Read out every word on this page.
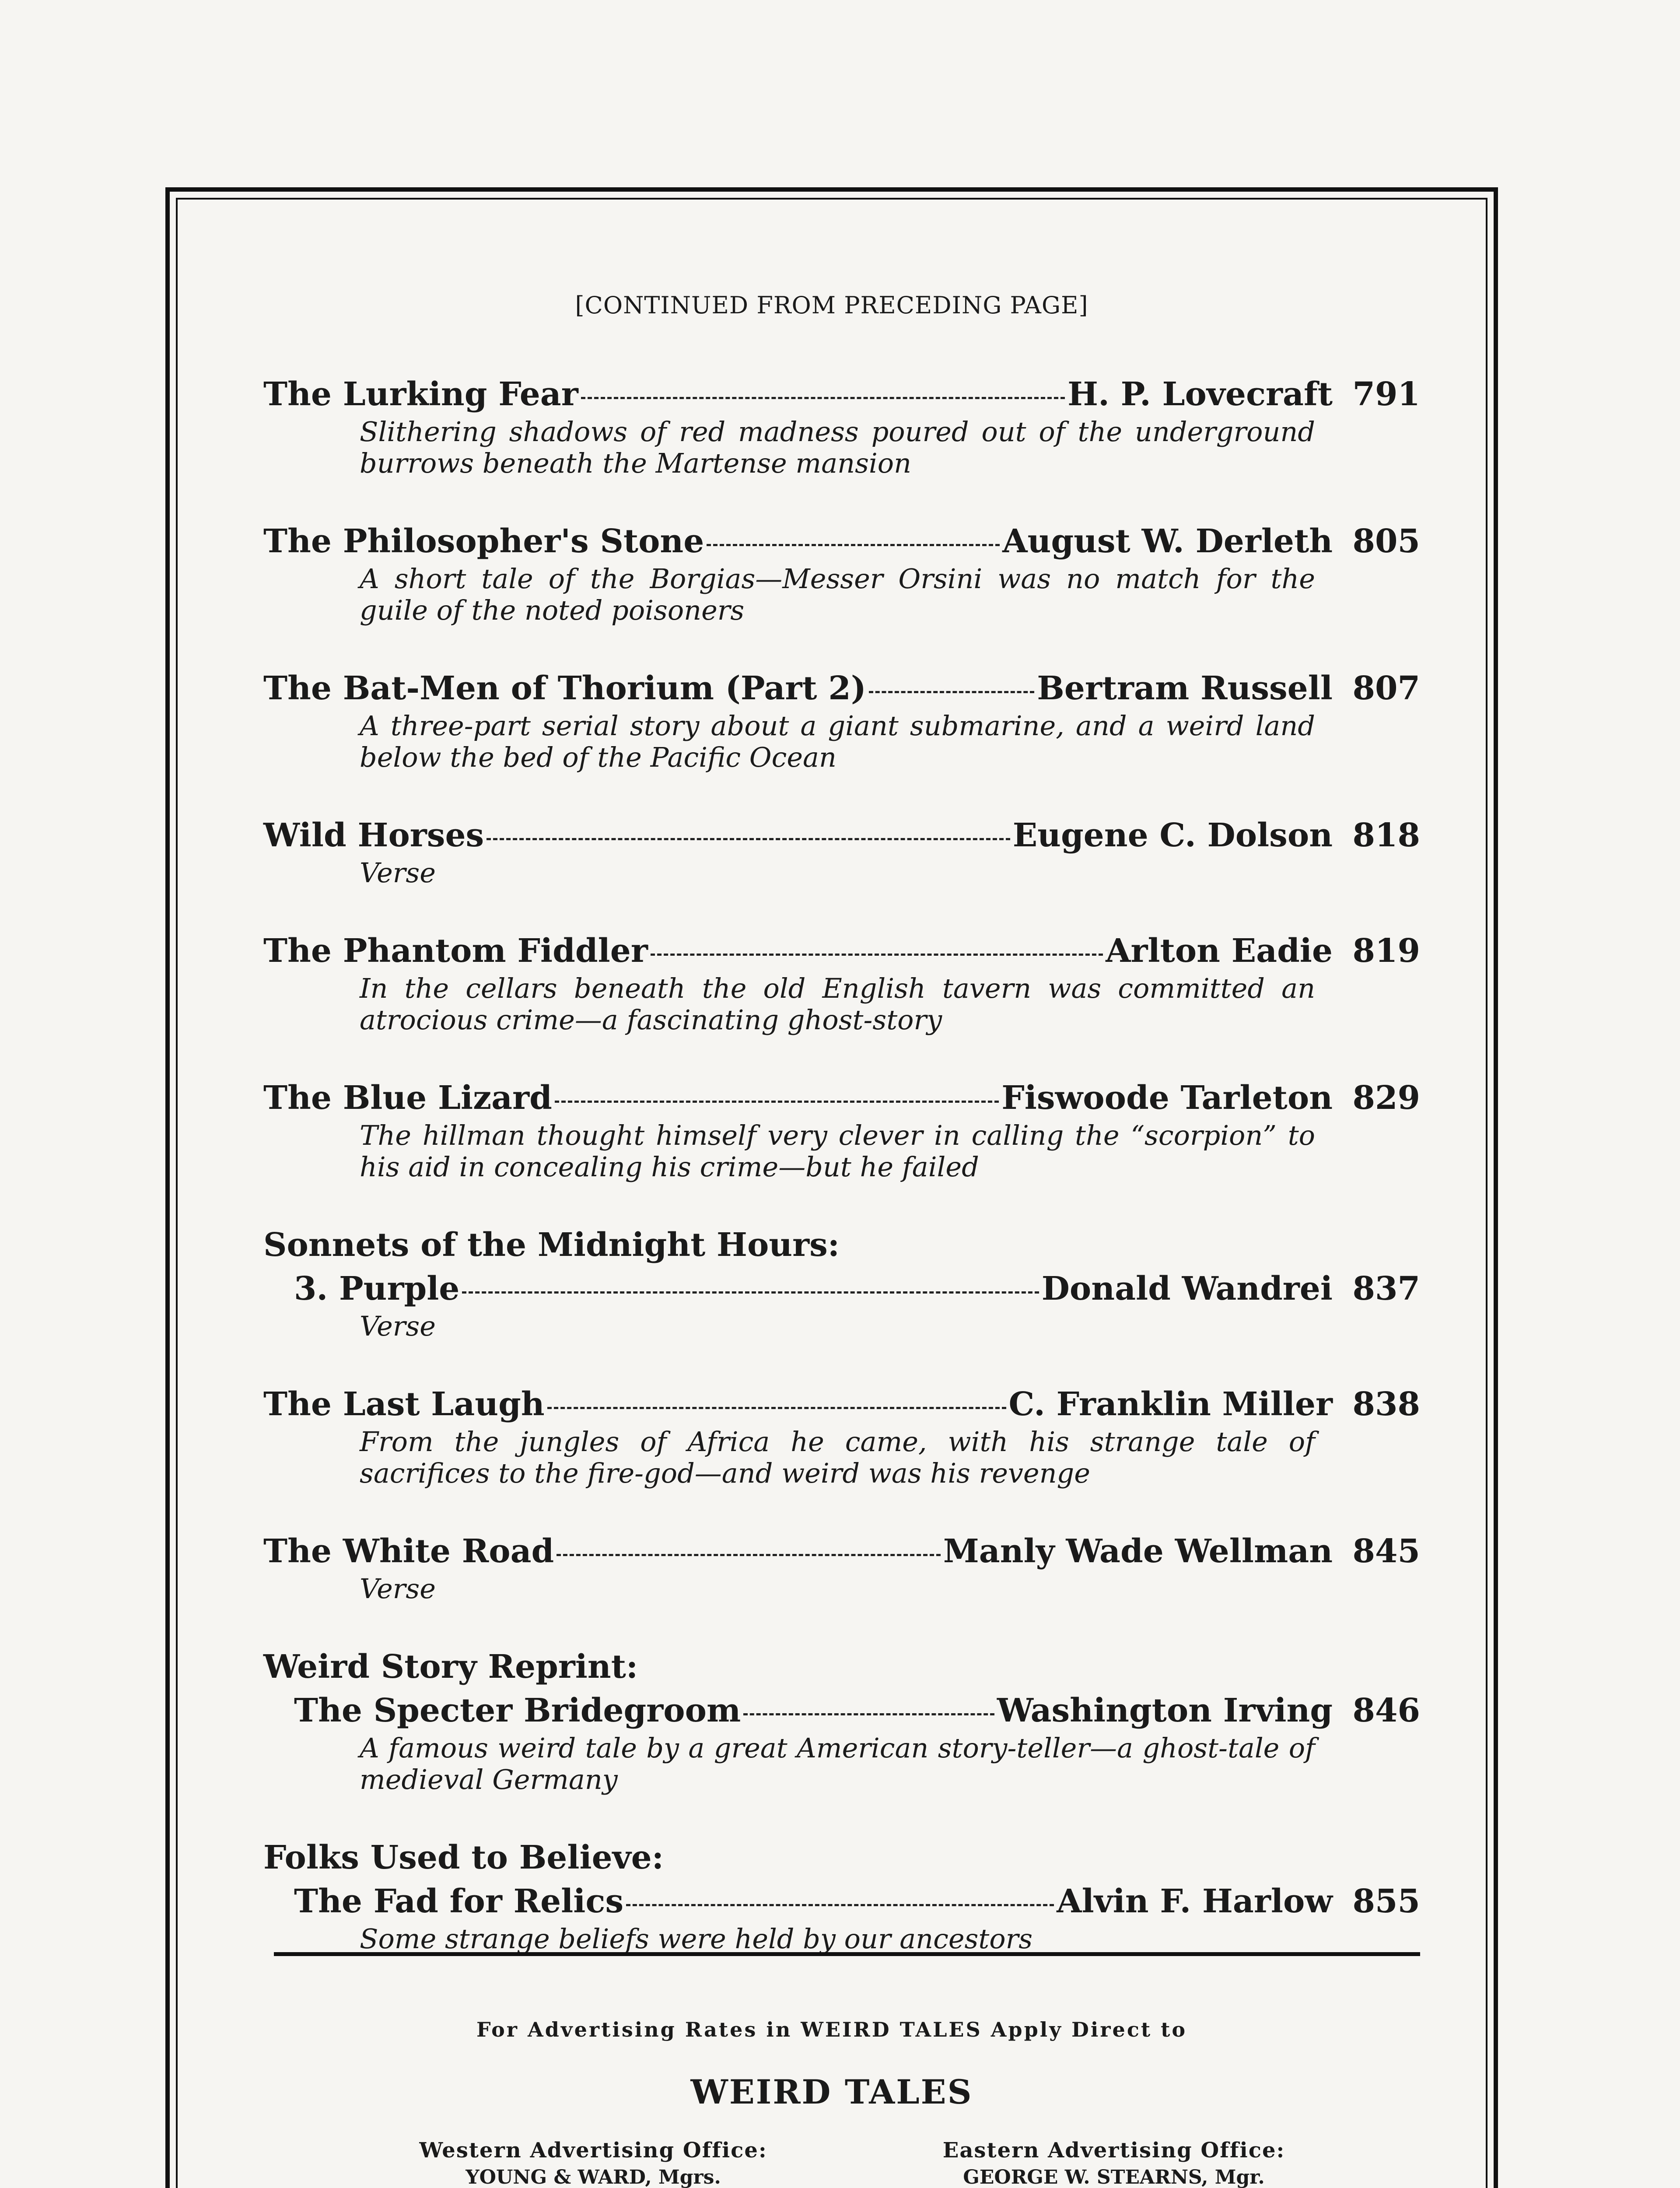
[CONTINUED FROM PRECEDING PAGE]
The Lurking Fear	H. P. Lovecraft 791
Slithering shadows of red madness poured out of the underground burrows beneath the Martense mansion
The Philosopher's Stone	August W. Derleth 805
A short tale of the Borgias—Messer Orsini was no match for the guile of the noted poisoners
The Bat-Men of Thorium (Part 2)	Bertram Russell 807
A three-part serial story about a giant submarine, and a weird land below the bed of the Pacific Ocean
Wild Horses	Eugene C. Dolson 818
Verse
The Phantom Fiddler	Arlton Eadie 819
In the cellars beneath the old English tavern was committed an atrocious crime—a fascinating ghost-story
The Blue Lizard	Fiswoode Tarleton 829
The hillman thought himself very clever in calling the “scorpion” to his aid in concealing his crime—but he failed
Sonnets of the Midnight Hours:
3. Purple	Donald Wandrei 837
Verse
The Last Laugh	C. Franklin Miller 838
From the jungles of Africa he came, with his strange tale of sacrifices to the fire-god—and weird was his revenge
The White Road	Manly Wade Wellman 845
Verse
Weird Story Reprint:
The Specter Bridegroom	Washington Irving 846
A famous weird tale by a great American story-teller—a ghost-tale of medieval Germany
Folks Used to Believe:
The Fad for Relics	Alvin F. Harlow 855
Some strange beliefs were held by our ancestors
For Advertising Rates in WEIRD TALES Apply Direct to
WEIRD TALES
Western Advertising Office:
YOUNG & WARD, Mgrs.
Eastern Advertising Office:
GEORGE W. STEARNS, Mgr.
